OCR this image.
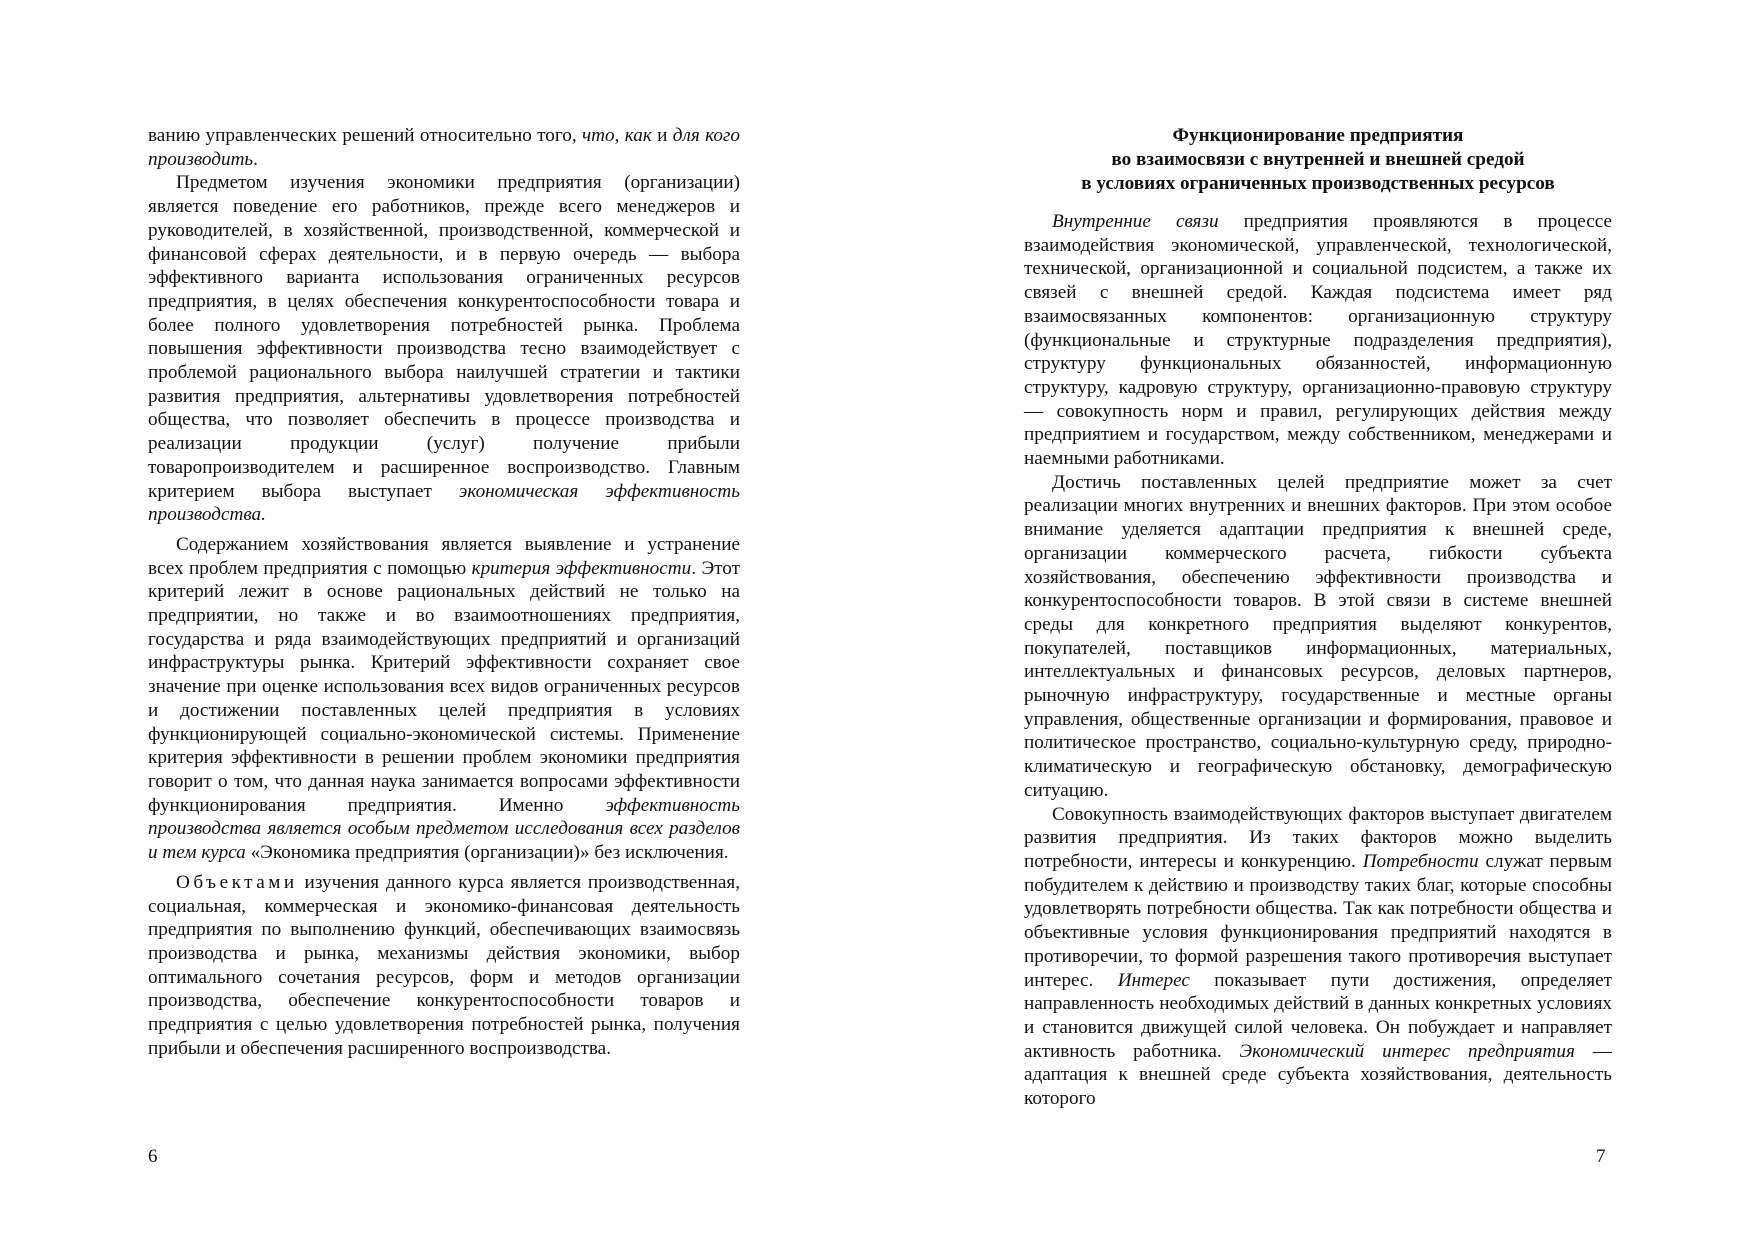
ванию управленческих решений относительно того, что, как и для кого производить.

Предметом изучения экономики предприятия (организации) является поведение его работников, прежде всего менеджеров и руководителей, в хозяйственной, производственной, коммерческой и финансовой сферах деятельности, и в первую очередь — выбора эффективного варианта использования ограниченных ресурсов предприятия, в целях обеспечения конкурентоспособности товара и более полного удовлетворения потребностей рынка. Проблема повышения эффективности производства тесно взаимодействует с проблемой рационального выбора наилучшей стратегии и тактики развития предприятия, альтернативы удовлетворения потребностей общества, что позволяет обеспечить в процессе производства и реализации продукции (услуг) получение прибыли товаропроизводителем и расширенное воспроизводство. Главным критерием выбора выступает экономическая эффективность производства.

Содержанием хозяйствования является выявление и устранение всех проблем предприятия с помощью критерия эффективности. Этот критерий лежит в основе рациональных действий не только на предприятии, но также и во взаимоотношениях предприятия, государства и ряда взаимодействующих предприятий и организаций инфраструктуры рынка. Критерий эффективности сохраняет свое значение при оценке использования всех видов ограниченных ресурсов и достижении поставленных целей предприятия в условиях функционирующей социально-экономической системы. Применение критерия эффективности в решении проблем экономики предприятия говорит о том, что данная наука занимается вопросами эффективности функционирования предприятия. Именно эффективность производства является особым предметом исследования всех разделов и тем курса «Экономика предприятия (организации)» без исключения.

Объектами изучения данного курса является производственная, социальная, коммерческая и экономико-финансовая деятельность предприятия по выполнению функций, обеспечивающих взаимосвязь производства и рынка, механизмы действия экономики, выбор оптимального сочетания ресурсов, форм и методов организации производства, обеспечение конкурентоспособности товаров и предприятия с целью удовлетворения потребностей рынка, получения прибыли и обеспечения расширенного воспроизводства.

6
Функционирование предприятия
во взаимосвязи с внутренней и внешней средой
в условиях ограниченных производственных ресурсов

Внутренние связи предприятия проявляются в процессе взаимодействия экономической, управленческой, технологической, технической, организационной и социальной подсистем, а также их связей с внешней средой. Каждая подсистема имеет ряд взаимосвязанных компонентов: организационную структуру (функциональные и структурные подразделения предприятия), структуру функциональных обязанностей, информационную структуру, кадровую структуру, организационно-правовую структуру — совокупность норм и правил, регулирующих действия между предприятием и государством, между собственником, менеджерами и наемными работниками.

Достичь поставленных целей предприятие может за счет реализации многих внутренних и внешних факторов. При этом особое внимание уделяется адаптации предприятия к внешней среде, организации коммерческого расчета, гибкости субъекта хозяйствования, обеспечению эффективности производства и конкурентоспособности товаров. В этой связи в системе внешней среды для конкретного предприятия выделяют конкурентов, покупателей, поставщиков информационных, материальных, интеллектуальных и финансовых ресурсов, деловых партнеров, рыночную инфраструктуру, государственные и местные органы управления, общественные организации и формирования, правовое и политическое пространство, социально-культурную среду, природно-климатическую и географическую обстановку, демографическую ситуацию.

Совокупность взаимодействующих факторов выступает двигателем развития предприятия. Из таких факторов можно выделить потребности, интересы и конкуренцию. Потребности служат первым побудителем к действию и производству таких благ, которые способны удовлетворять потребности общества. Так как потребности общества и объективные условия функционирования предприятий находятся в противоречии, то формой разрешения такого противоречия выступает интерес. Интерес показывает пути достижения, определяет направленность необходимых действий в данных конкретных условиях и становится движущей силой человека. Он побуждает и направляет активность работника. Экономический интерес предприятия — адаптация к внешней среде субъекта хозяйствования, деятельность которого

7
